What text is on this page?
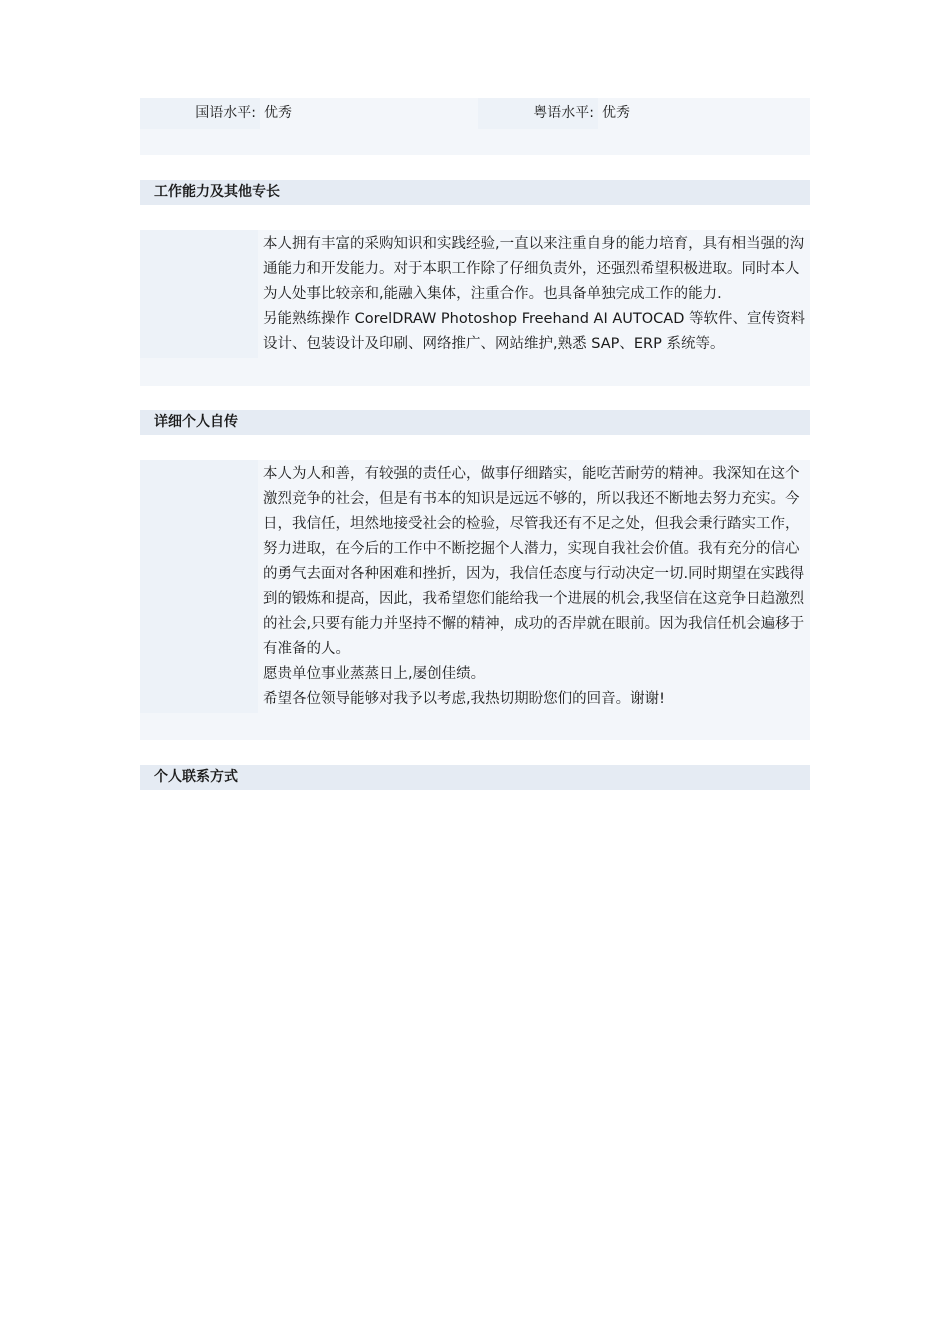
国语水平: 优秀	粤语水平: 优秀
工作能力及其他专长

本人拥有丰富的采购知识和实践经验,一直以来注重自身的能力培育，具有相当强的沟通能力和开发能力。对于本职工作除了仔细负责外，还强烈希望积极进取。同时本人为人处事比较亲和,能融入集体，注重合作。也具备单独完成工作的能力.

另能熟练操作 CorelDRAW Photoshop Freehand AI AUTOCAD 等软件、宣传资料设计、包装设计及印刷、网络推广、网站维护,熟悉 SAP、ERP 系统等。

详细个人自传

本人为人和善，有较强的责任心，做事仔细踏实，能吃苦耐劳的精神。我深知在这个激烈竞争的社会，但是有书本的知识是远远不够的，所以我还不断地去努力充实。今日，我信任，坦然地接受社会的检验，尽管我还有不足之处，但我会秉行踏实工作，努力进取，在今后的工作中不断挖掘个人潜力，实现自我社会价值。我有充分的信心的勇气去面对各种困难和挫折，因为，我信任态度与行动决定一切.同时期望在实践得到的锻炼和提高，因此，我希望您们能给我一个进展的机会,我坚信在这竞争日趋激烈的社会,只要有能力并坚持不懈的精神，成功的否岸就在眼前。因为我信任机会遍移于有准备的人。

愿贵单位事业蒸蒸日上,屡创佳绩。

希望各位领导能够对我予以考虑,我热切期盼您们的回音。谢谢!

个人联系方式
